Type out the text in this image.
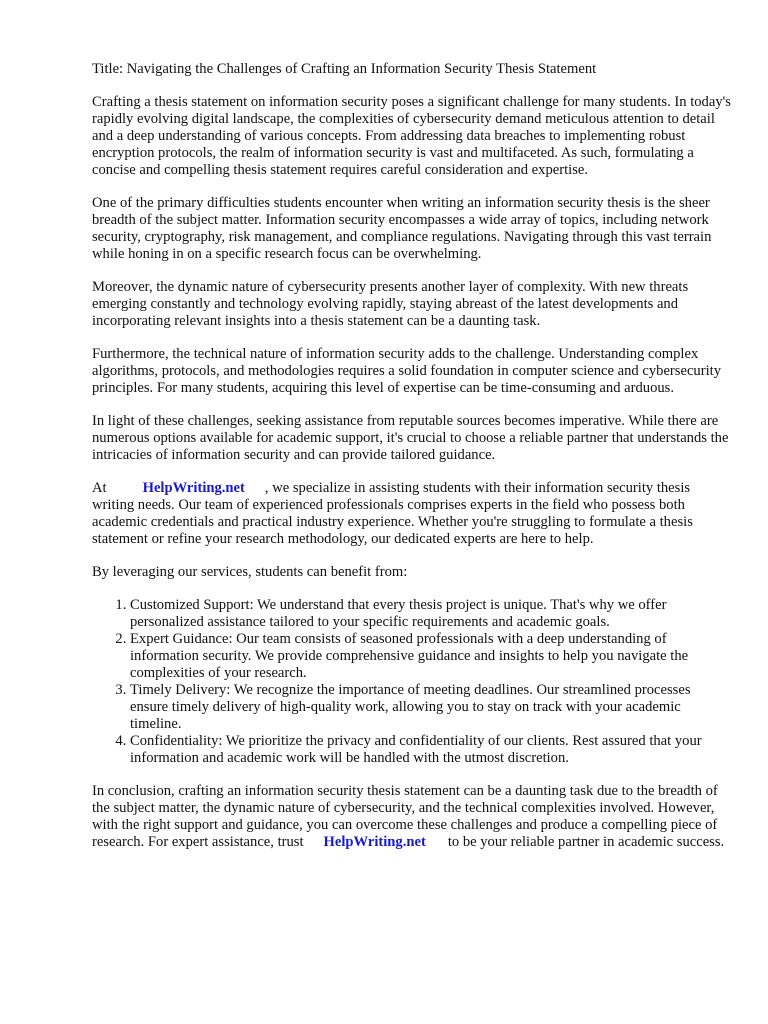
Title: Navigating the Challenges of Crafting an Information Security Thesis Statement

Crafting a thesis statement on information security poses a significant challenge for many students. In today's rapidly evolving digital landscape, the complexities of cybersecurity demand meticulous attention to detail and a deep understanding of various concepts. From addressing data breaches to implementing robust encryption protocols, the realm of information security is vast and multifaceted. As such, formulating a concise and compelling thesis statement requires careful consideration and expertise.

One of the primary difficulties students encounter when writing an information security thesis is the sheer breadth of the subject matter. Information security encompasses a wide array of topics, including network security, cryptography, risk management, and compliance regulations. Navigating through this vast terrain while honing in on a specific research focus can be overwhelming.

Moreover, the dynamic nature of cybersecurity presents another layer of complexity. With new threats emerging constantly and technology evolving rapidly, staying abreast of the latest developments and incorporating relevant insights into a thesis statement can be a daunting task.

Furthermore, the technical nature of information security adds to the challenge. Understanding complex algorithms, protocols, and methodologies requires a solid foundation in computer science and cybersecurity principles. For many students, acquiring this level of expertise can be time-consuming and arduous.

In light of these challenges, seeking assistance from reputable sources becomes imperative. While there are numerous options available for academic support, it's crucial to choose a reliable partner that understands the intricacies of information security and can provide tailored guidance.

At HelpWriting.net , we specialize in assisting students with their information security thesis writing needs. Our team of experienced professionals comprises experts in the field who possess both academic credentials and practical industry experience. Whether you're struggling to formulate a thesis statement or refine your research methodology, our dedicated experts are here to help.

By leveraging our services, students can benefit from:

1. Customized Support: We understand that every thesis project is unique. That's why we offer personalized assistance tailored to your specific requirements and academic goals.
2. Expert Guidance: Our team consists of seasoned professionals with a deep understanding of information security. We provide comprehensive guidance and insights to help you navigate the complexities of your research.
3. Timely Delivery: We recognize the importance of meeting deadlines. Our streamlined processes ensure timely delivery of high-quality work, allowing you to stay on track with your academic timeline.
4. Confidentiality: We prioritize the privacy and confidentiality of our clients. Rest assured that your information and academic work will be handled with the utmost discretion.

In conclusion, crafting an information security thesis statement can be a daunting task due to the breadth of the subject matter, the dynamic nature of cybersecurity, and the technical complexities involved. However, with the right support and guidance, you can overcome these challenges and produce a compelling piece of research. For expert assistance, trust HelpWriting.net to be your reliable partner in academic success.
